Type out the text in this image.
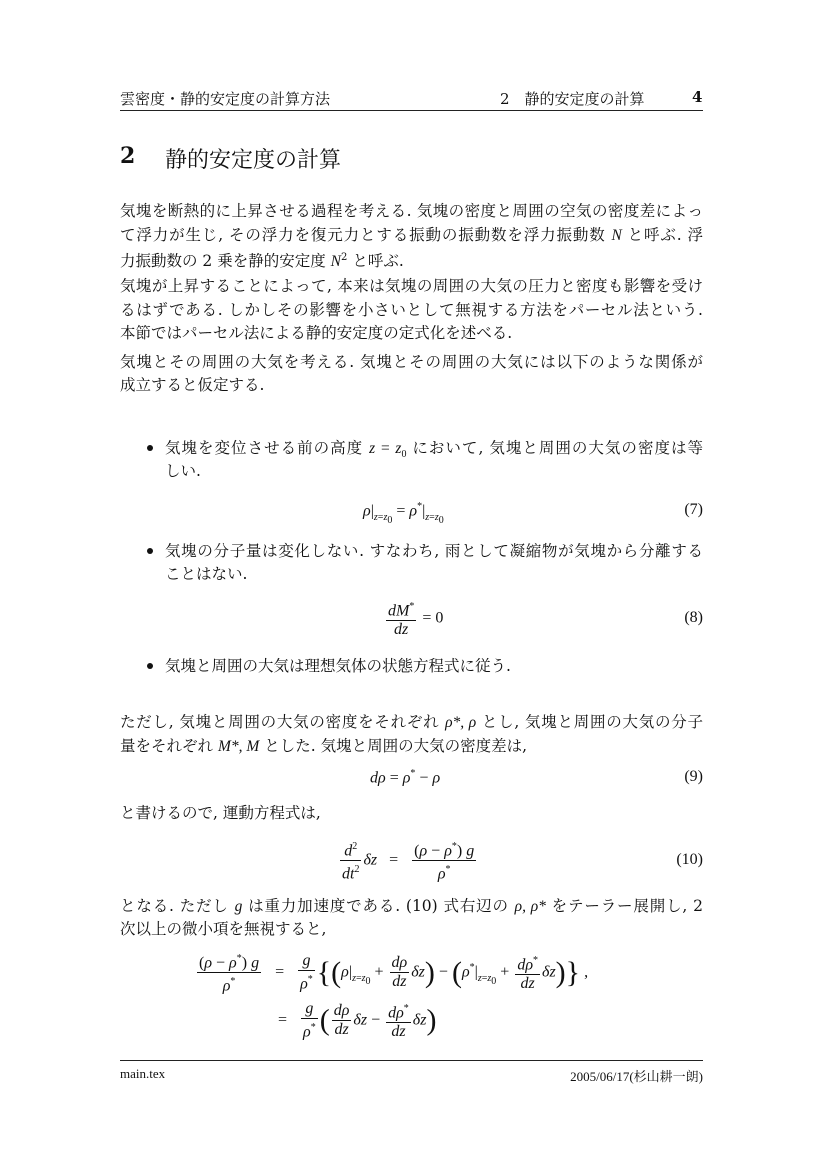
雲密度・静的安定度の計算方法	2　静的安定度の計算	4
2 静的安定度の計算
気塊を断熱的に上昇させる過程を考える. 気塊の密度と周囲の空気の密度差によっ
て浮力が生じ, その浮力を復元力とする振動の振動数を浮力振動数 N と呼ぶ. 浮
力振動数の 2 乗を静的安定度 $N^2$ と呼ぶ.
気塊が上昇することによって, 本来は気塊の周囲の大気の圧力と密度も影響を受け
るはずである. しかしその影響を小さいとして無視する方法をパーセル法という.
本節ではパーセル法による静的安定度の定式化を述べる.
気塊とその周囲の大気を考える. 気塊とその周囲の大気には以下のような関係が
成立すると仮定する.
気塊を変位させる前の高度 $z = z_0$ において, 気塊と周囲の大気の密度は等
しい.
$\rho|_{z=z_0} = \rho^*|_{z=z_0}$
(7)
気塊の分子量は変化しない. すなわち, 雨として凝縮物が気塊から分離する
ことはない.
$\frac{dM^*}{dz} = 0$	(8)
気塊と周囲の大気は理想気体の状態方程式に従う.
ただし, 気塊と周囲の大気の密度をそれぞれ ρ*, ρ とし, 気塊と周囲の大気の分子
量をそれぞれ M*, M とした. 気塊と周囲の大気の密度差は,
dρ = ρ* − ρ	(9)
と書けるので, 運動方程式は,
$\frac{d^2}{dt^2}$ $\delta z = \frac{(\rho - \rho^*) g}{\rho^*}$	(10)
となる. ただし g は重力加速度である. (10) 式右辺の ρ, ρ* をテーラー展開し, 2
次以上の微小項を無視すると,
$\frac{(\rho - \rho^*) g}{\rho^*} = \frac{g}{\rho^*} \{(\rho|_{z=z_0} + \frac{d\rho}{dz} \delta z) - (\rho^*|_{z=z_0} + \frac{d\rho^*}{dz} \delta z)\}$ ,
= $\frac{g}{\rho^*}$ ( $\frac{d\rho}{dz}$ $\delta z - \frac{d\rho^*}{dz} \delta z$)
main.tex	2005/06/17(杉山耕一朗)
